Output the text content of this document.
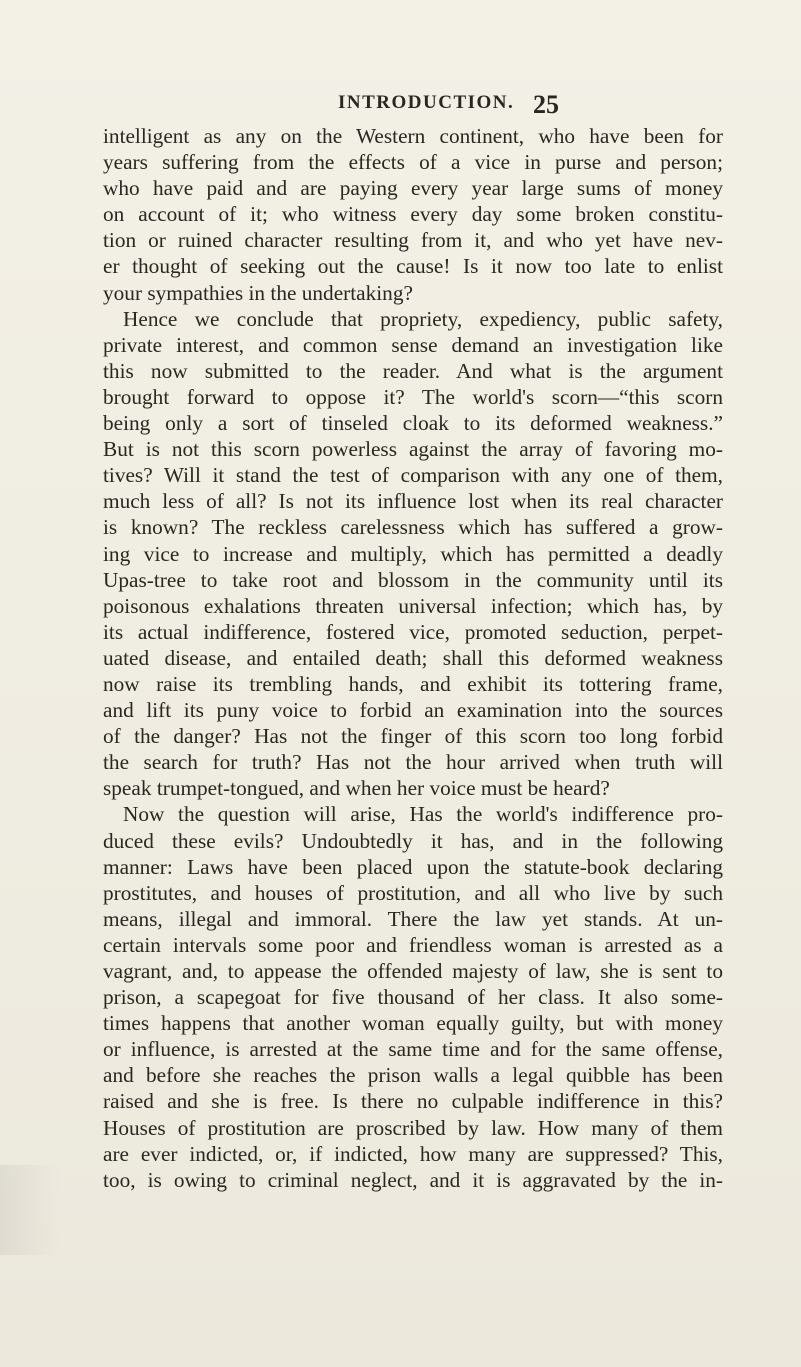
INTRODUCTION. 25
intelligent as any on the Western continent, who have been for
years suffering from the effects of a vice in purse and person;
who have paid and are paying every year large sums of money
on account of it; who witness every day some broken constitu-
tion or ruined character resulting from it, and who yet have nev-
er thought of seeking out the cause! Is it now too late to enlist
your sympathies in the undertaking?
Hence we conclude that propriety, expediency, public safety,
private interest, and common sense demand an investigation like
this now submitted to the reader. And what is the argument
brought forward to oppose it? The world's scorn—“this scorn
being only a sort of tinseled cloak to its deformed weakness.”
But is not this scorn powerless against the array of favoring mo-
tives? Will it stand the test of comparison with any one of them,
much less of all? Is not its influence lost when its real character
is known? The reckless carelessness which has suffered a grow-
ing vice to increase and multiply, which has permitted a deadly
Upas-tree to take root and blossom in the community until its
poisonous exhalations threaten universal infection; which has, by
its actual indifference, fostered vice, promoted seduction, perpet-
uated disease, and entailed death; shall this deformed weakness
now raise its trembling hands, and exhibit its tottering frame,
and lift its puny voice to forbid an examination into the sources
of the danger? Has not the finger of this scorn too long forbid
the search for truth? Has not the hour arrived when truth will
speak trumpet-tongued, and when her voice must be heard?
Now the question will arise, Has the world's indifference pro-
duced these evils? Undoubtedly it has, and in the following
manner: Laws have been placed upon the statute-book declaring
prostitutes, and houses of prostitution, and all who live by such
means, illegal and immoral. There the law yet stands. At un-
certain intervals some poor and friendless woman is arrested as a
vagrant, and, to appease the offended majesty of law, she is sent to
prison, a scapegoat for five thousand of her class. It also some-
times happens that another woman equally guilty, but with money
or influence, is arrested at the same time and for the same offense,
and before she reaches the prison walls a legal quibble has been
raised and she is free. Is there no culpable indifference in this?
Houses of prostitution are proscribed by law. How many of them
are ever indicted, or, if indicted, how many are suppressed? This,
too, is owing to criminal neglect, and it is aggravated by the in-
